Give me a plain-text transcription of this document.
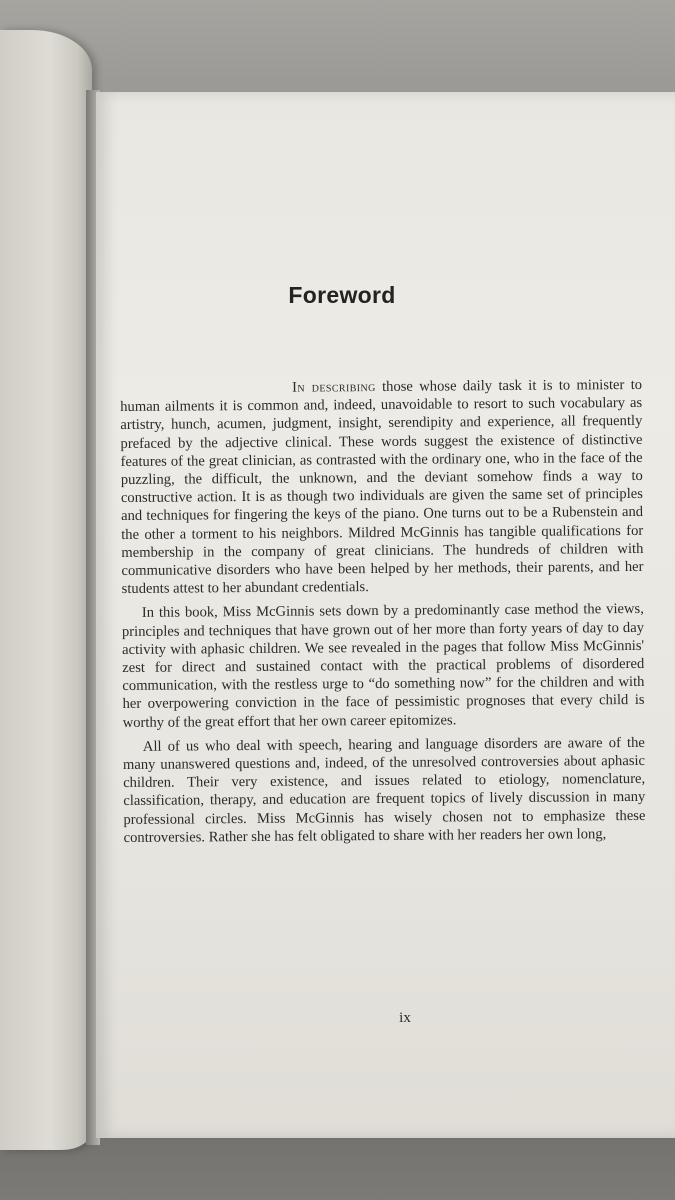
Foreword

In describing those whose daily task it is to minister to human ailments it is common and, indeed, unavoidable to resort to such vocabulary as artistry, hunch, acumen, judgment, insight, serendipity and experience, all frequently prefaced by the adjective clinical. These words suggest the existence of distinctive features of the great clinician, as contrasted with the ordinary one, who in the face of the puzzling, the difficult, the unknown, and the deviant somehow finds a way to constructive action. It is as though two individuals are given the same set of principles and techniques for fingering the keys of the piano. One turns out to be a Rubenstein and the other a torment to his neighbors. Mildred McGinnis has tangible qualifications for membership in the company of great clinicians. The hundreds of children with communicative disorders who have been helped by her methods, their parents, and her students attest to her abundant credentials.

In this book, Miss McGinnis sets down by a predominantly case method the views, principles and techniques that have grown out of her more than forty years of day to day activity with aphasic children. We see revealed in the pages that follow Miss McGinnis' zest for direct and sustained contact with the practical problems of disordered communication, with the restless urge to “do something now” for the children and with her overpowering conviction in the face of pessimistic prognoses that every child is worthy of the great effort that her own career epitomizes.

All of us who deal with speech, hearing and language disorders are aware of the many unanswered questions and, indeed, of the unresolved controversies about aphasic children. Their very existence, and issues related to etiology, nomenclature, classification, therapy, and education are frequent topics of lively discussion in many professional circles. Miss McGinnis has wisely chosen not to emphasize these controversies. Rather she has felt obligated to share with her readers her own long,

ix
